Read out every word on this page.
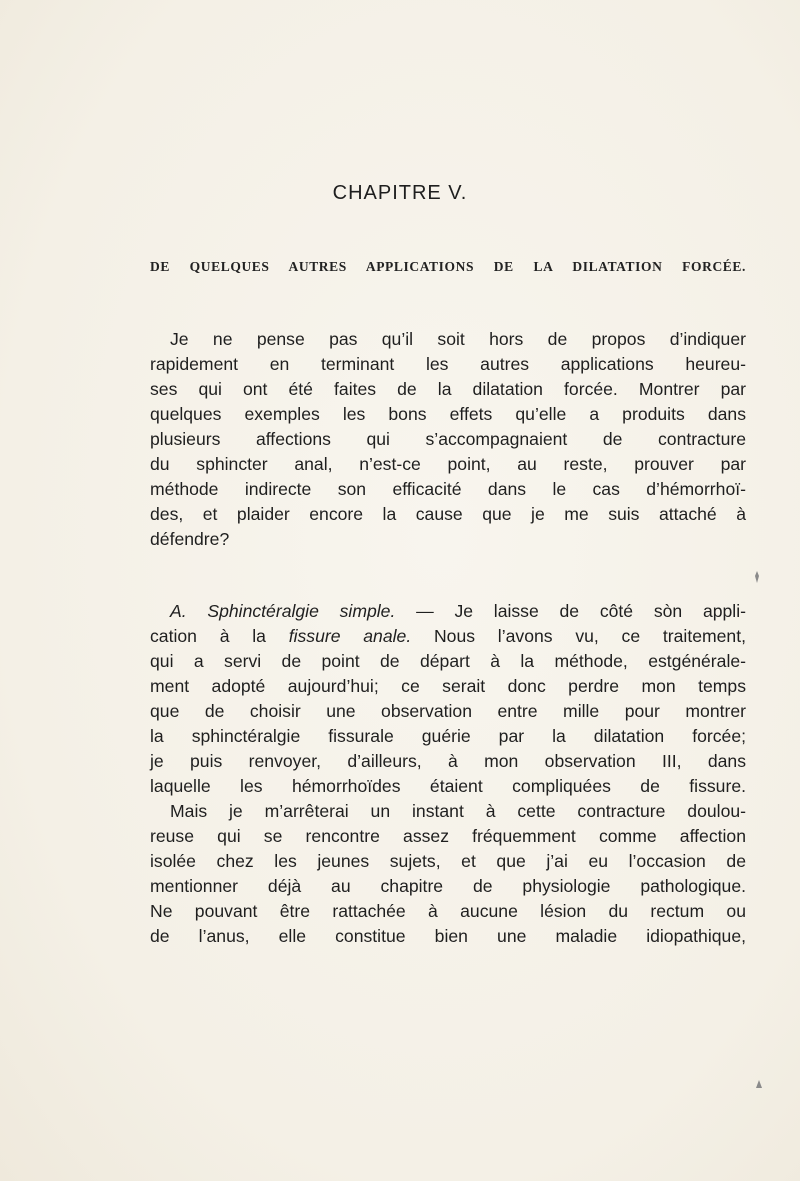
CHAPITRE V.
DE QUELQUES AUTRES APPLICATIONS DE LA DILATATION FORCÉE.
Je ne pense pas qu’il soit hors de propos d’indiquer
rapidement en terminant les autres applications heureu-
ses qui ont été faites de la dilatation forcée. Montrer par
quelques exemples les bons effets qu’elle a produits dans
plusieurs affections qui s’accompagnaient de contracture
du sphincter anal, n’est-ce point, au reste, prouver par
méthode indirecte son efficacité dans le cas d’hémorrhoï-
des, et plaider encore la cause que je me suis attaché à
défendre?
A. Sphinctéralgie simple. — Je laisse de côté sòn appli-
cation à la fissure anale. Nous l’avons vu, ce traitement,
qui a servi de point de départ à la méthode, estgénérale-
ment adopté aujourd’hui; ce serait donc perdre mon temps
que de choisir une observation entre mille pour montrer
la sphinctéralgie fissurale guérie par la dilatation forcée;
je puis renvoyer, d’ailleurs, à mon observation III, dans
laquelle les hémorrhoïdes étaient compliquées de fissure.
Mais je m’arrêterai un instant à cette contracture doulou-
reuse qui se rencontre assez fréquemment comme affection
isolée chez les jeunes sujets, et que j’ai eu l’occasion de
mentionner déjà au chapitre de physiologie pathologique.
Ne pouvant être rattachée à aucune lésion du rectum ou
de l’anus, elle constitue bien une maladie idiopathique,
